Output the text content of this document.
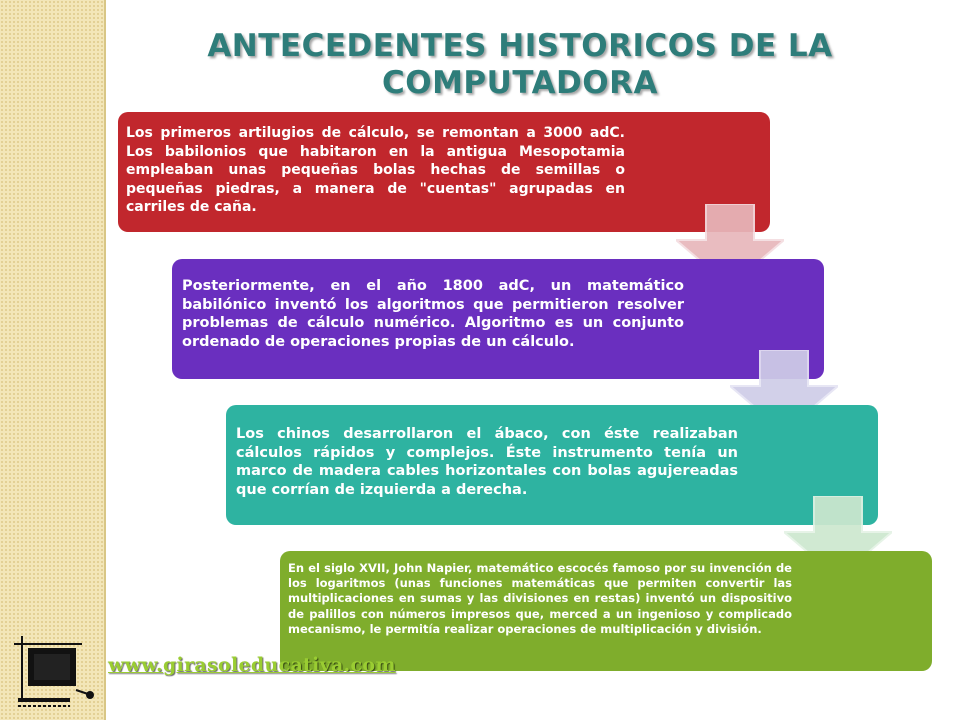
ANTECEDENTES HISTORICOS DE LA COMPUTADORA

Los primeros artilugios de cálculo, se remontan a 3000 adC. Los babilonios que habitaron en la antigua Mesopotamia empleaban unas pequeñas bolas hechas de semillas o pequeñas piedras, a manera de "cuentas" agrupadas en carriles de caña.

Posteriormente, en el año 1800 adC, un matemático babilónico inventó los algoritmos que permitieron resolver problemas de cálculo numérico. Algoritmo es un conjunto ordenado de operaciones propias de un cálculo.

Los chinos desarrollaron el ábaco, con éste realizaban cálculos rápidos y complejos. Éste instrumento tenía un marco de madera cables horizontales con bolas agujereadas que corrían de izquierda a derecha.

En el siglo XVII, John Napier, matemático escocés famoso por su invención de los logaritmos (unas funciones matemáticas que permiten convertir las multiplicaciones en sumas y las divisiones en restas) inventó un dispositivo de palillos con números impresos que, merced a un ingenioso y complicado mecanismo, le permitía realizar operaciones de multiplicación y división.

www.girasoleducativa.com
